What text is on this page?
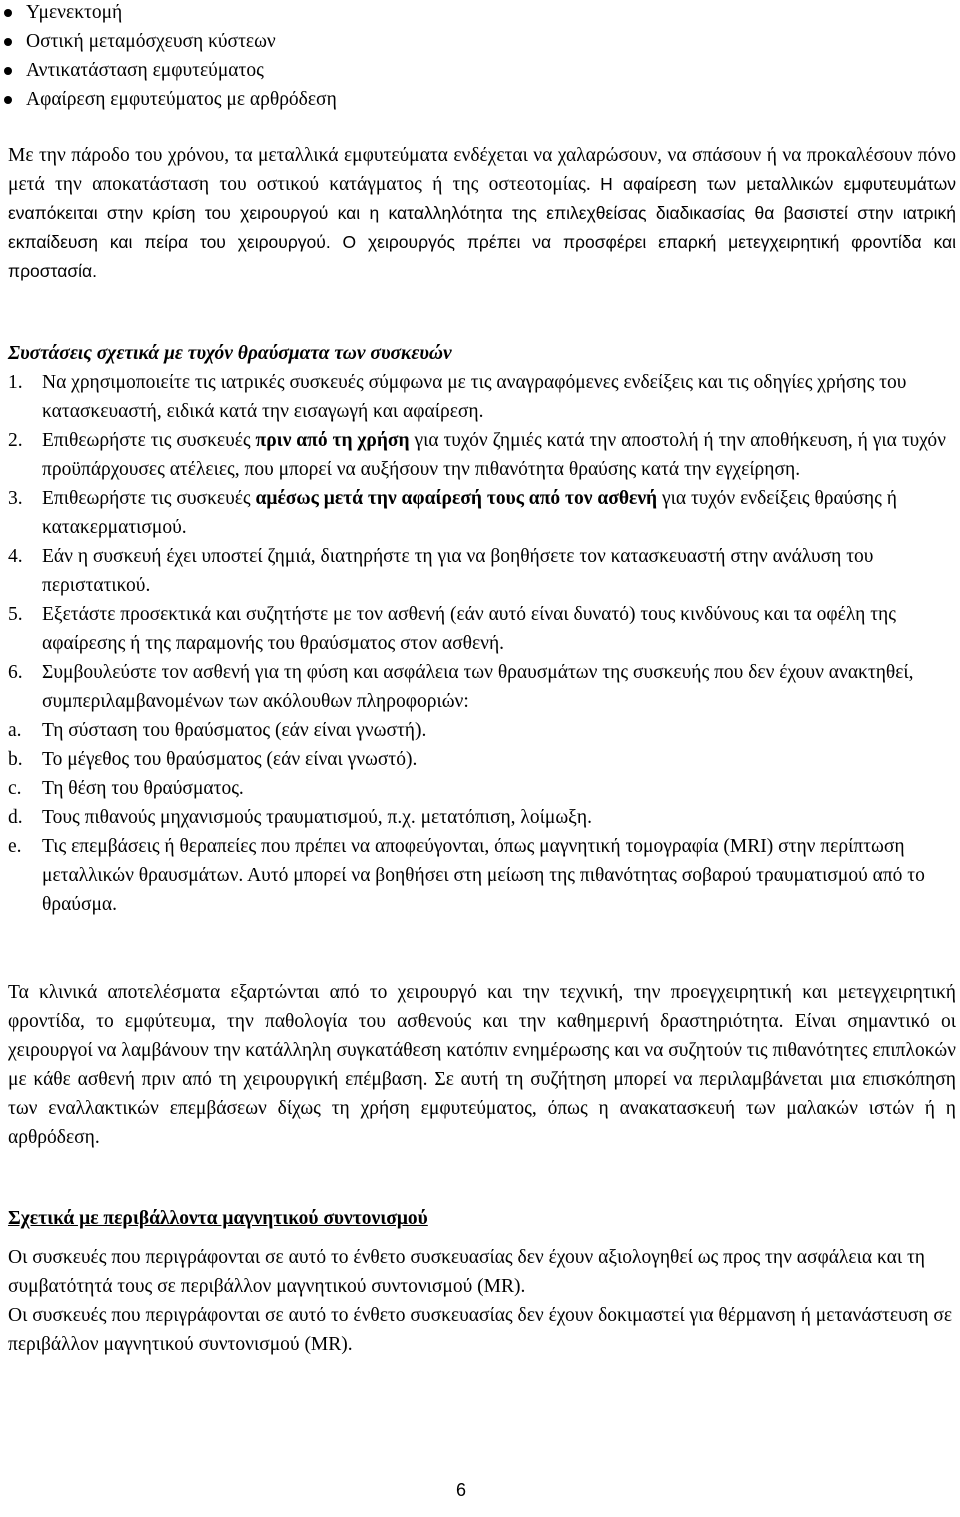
Υμενεκτομή
Οστική μεταμόσχευση κύστεων
Αντικατάσταση εμφυτεύματος
Αφαίρεση εμφυτεύματος με αρθρόδεση
Με την πάροδο του χρόνου, τα μεταλλικά εμφυτεύματα ενδέχεται να χαλαρώσουν, να σπάσουν ή να προκαλέσουν πόνο μετά την αποκατάσταση του οστικού κατάγματος ή της οστεοτομίας. Η αφαίρεση των μεταλλικών εμφυτευμάτων εναπόκειται στην κρίση του χειρουργού και η καταλληλότητα της επιλεχθείσας διαδικασίας θα βασιστεί στην ιατρική εκπαίδευση και πείρα του χειρουργού. Ο χειρουργός πρέπει να προσφέρει επαρκή μετεγχειρητική φροντίδα και προστασία.
Συστάσεις σχετικά με τυχόν θραύσματα των συσκευών
1. Να χρησιμοποιείτε τις ιατρικές συσκευές σύμφωνα με τις αναγραφόμενες ενδείξεις και τις οδηγίες χρήσης του κατασκευαστή, ειδικά κατά την εισαγωγή και αφαίρεση.
2. Επιθεωρήστε τις συσκευές πριν από τη χρήση για τυχόν ζημιές κατά την αποστολή ή την αποθήκευση, ή για τυχόν προϋπάρχουσες ατέλειες, που μπορεί να αυξήσουν την πιθανότητα θραύσης κατά την εγχείρηση.
3. Επιθεωρήστε τις συσκευές αμέσως μετά την αφαίρεσή τους από τον ασθενή για τυχόν ενδείξεις θραύσης ή κατακερματισμού.
4. Εάν η συσκευή έχει υποστεί ζημιά, διατηρήστε τη για να βοηθήσετε τον κατασκευαστή στην ανάλυση του περιστατικού.
5. Εξετάστε προσεκτικά και συζητήστε με τον ασθενή (εάν αυτό είναι δυνατό) τους κινδύνους και τα οφέλη της αφαίρεσης ή της παραμονής του θραύσματος στον ασθενή.
6. Συμβουλεύστε τον ασθενή για τη φύση και ασφάλεια των θραυσμάτων της συσκευής που δεν έχουν ανακτηθεί, συμπεριλαμβανομένων των ακόλουθων πληροφοριών:
a. Τη σύσταση του θραύσματος (εάν είναι γνωστή).
b. Το μέγεθος του θραύσματος (εάν είναι γνωστό).
c. Τη θέση του θραύσματος.
d. Τους πιθανούς μηχανισμούς τραυματισμού, π.χ. μετατόπιση, λοίμωξη.
e. Τις επεμβάσεις ή θεραπείες που πρέπει να αποφεύγονται, όπως μαγνητική τομογραφία (MRI) στην περίπτωση μεταλλικών θραυσμάτων. Αυτό μπορεί να βοηθήσει στη μείωση της πιθανότητας σοβαρού τραυματισμού από το θραύσμα.
Τα κλινικά αποτελέσματα εξαρτώνται από το χειρουργό και την τεχνική, την προεγχειρητική και μετεγχειρητική φροντίδα, το εμφύτευμα, την παθολογία του ασθενούς και την καθημερινή δραστηριότητα. Είναι σημαντικό οι χειρουργοί να λαμβάνουν την κατάλληλη συγκατάθεση κατόπιν ενημέρωσης και να συζητούν τις πιθανότητες επιπλοκών με κάθε ασθενή πριν από τη χειρουργική επέμβαση. Σε αυτή τη συζήτηση μπορεί να περιλαμβάνεται μια επισκόπηση των εναλλακτικών επεμβάσεων δίχως τη χρήση εμφυτεύματος, όπως η ανακατασκευή των μαλακών ιστών ή η αρθρόδεση.
Σχετικά με περιβάλλοντα μαγνητικού συντονισμού
Οι συσκευές που περιγράφονται σε αυτό το ένθετο συσκευασίας δεν έχουν αξιολογηθεί ως προς την ασφάλεια και τη συμβατότητά τους σε περιβάλλον μαγνητικού συντονισμού (MR).
Οι συσκευές που περιγράφονται σε αυτό το ένθετο συσκευασίας δεν έχουν δοκιμαστεί για θέρμανση ή μετανάστευση σε περιβάλλον μαγνητικού συντονισμού (MR).
6
